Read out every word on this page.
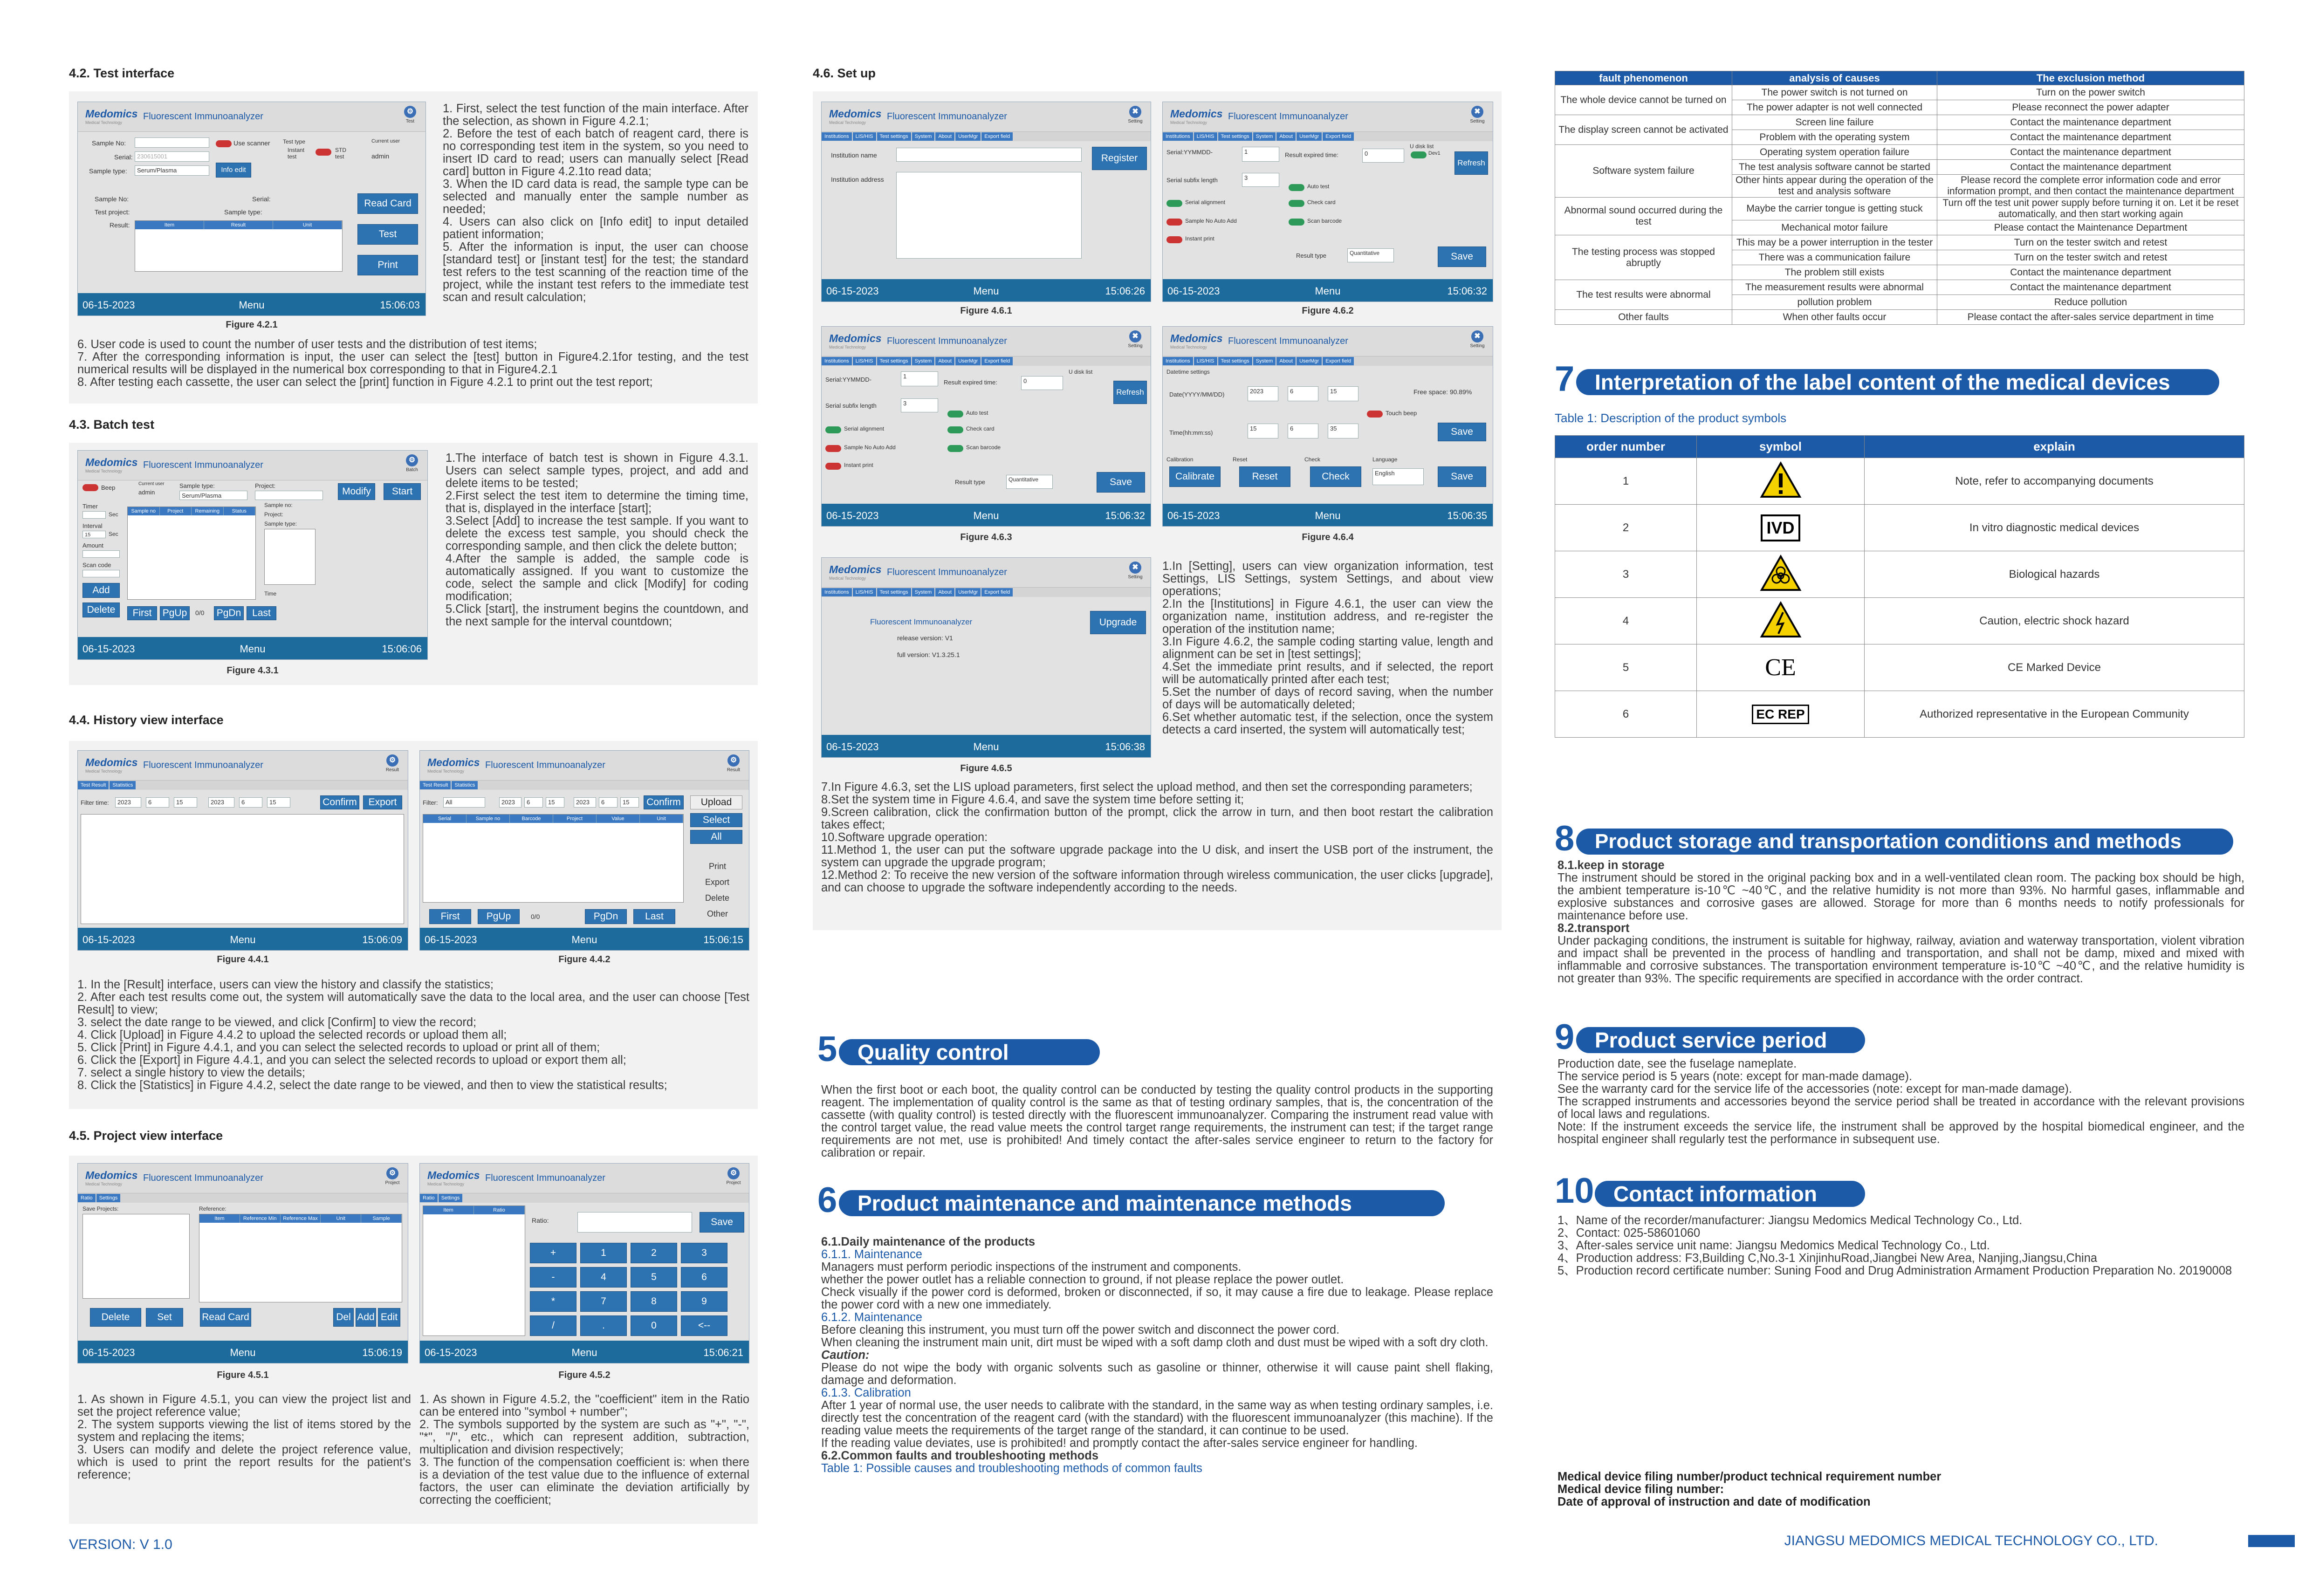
4.2. Test interface
Medomics
Medical Technology
Fluorescent Immunoanalyzer	⚙
Test
Sample No:	Use scanner Test type
Instant test
STD test
Current user
admin
Serial: 230615001
Sample type:	Serum/Plasma	Info edit
Sample No:	Serial:
Test project:	Sample type:
Result:	Item	Result	Unit
Read Card
Test
Print
06-15-2023	Menu	15:06:03
Figure 4.2.1

1. First, select the test function of the main interface. After the selection, as shown in Figure 4.2.1;

2. Before the test of each batch of reagent card, there is no corresponding test item in the system, so you need to insert ID card to read; users can manually select [Read card] button in Figure 4.2.1to read data;

3. When the ID card data is read, the sample type can be selected and manually enter the sample number as needed;

4. Users can also click on [Info edit] to input detailed patient information;

5. After the information is input, the user can choose [standard test] or [instant test] for the test; the standard test refers to the test scanning of the reaction time of the project, while the instant test refers to the immediate test scan and result calculation;

6. User code is used to count the number of user tests and the distribution of test items;

7. After the corresponding information is input, the user can select the [test] button in Figure4.2.1for testing, and the test numerical results will be displayed in the numerical box corresponding to that in Figure4.2.1

8. After testing each cassette, the user can select the [print] function in Figure 4.2.1 to print out the test report;

4.3. Batch test
Medomics
Medical Technology
Fluorescent Immunoanalyzer	⚙
Batch
Beep
Current user
admin
Sample type:
Serum/Plasma
Project:
Modify	Start
Timer
Sec
Interval
15	Sec
Amount
Scan code
Add
Delete
Sample no	Project	Remaining time
Status
Sample no:
Project:
Sample type:
Time
First	PgUp	0/0 PgDn	Last
06-15-2023	Menu	15:06:06
Figure 4.3.1

1.The interface of batch test is shown in Figure 4.3.1. Users can select sample types, project, and add and delete items to be tested;

2.First select the test item to determine the timing time, that is, displayed in the interface [start];

3.Select [Add] to increase the test sample. If you want to delete the excess test sample, you should check the corresponding sample, and then click the delete button;

4.After the sample is added, the sample code is automatically assigned. If you want to customize the code, select the sample and click [Modify] for coding modification;

5.Click [start], the instrument begins the countdown, and the next sample for the interval countdown;

4.4. History view interface
Medomics
Medical Technology
Fluorescent Immunoanalyzer	⚙
Result
Test Result Statistics
Filter time:	2023	6	15	2023	6	15	Confirm	Export
06-15-2023	Menu	15:06:09
Figure 4.4.1
Medomics
Medical Technology
Fluorescent Immunoanalyzer	⚙
Result
Test Result Statistics
Filter:	All	2023	6	15	2023	6	15	Confirm
Serial	Sample no	Barcode	Project	Value	Unit
Upload
Select
All
Print
Export
Delete
Other
First	PgUp	0/0	PgDn	Last
06-15-2023	Menu	15:06:15
Figure 4.4.2

1. In the [Result] interface, users can view the history and classify the statistics;

2. After each test results come out, the system will automatically save the data to the local area, and the user can choose [Test Result] to view;

3. select the date range to be viewed, and click [Confirm] to view the record;

4. Click [Upload] in Figure 4.4.2 to upload the selected records or upload them all;

5. Click [Print] in Figure 4.4.1, and you can select the selected records to upload or print all of them;

6. Click the [Export] in Figure 4.4.1, and you can select the selected records to upload or export them all;

7. select a single history to view the details;

8. Click the [Statistics] in Figure 4.4.2, select the date range to be viewed, and then to view the statistical results;

4.5. Project view interface
Medomics
Medical Technology
Fluorescent Immunoanalyzer	⚙
Project
Ratio Settings
Save Projects:	Reference:
Item	Reference Min	Reference Max	Unit	Sample
Delete	Set	Read Card	Del Add Edit
06-15-2023	Menu	15:06:19
Figure 4.5.1
Medomics
Medical Technology
Fluorescent Immunoanalyzer	⚙
Project
Ratio Settings
Item	Ratio
Ratio:	Save
+	1	2	3
-	4	5	6
*	7	8	9
/	.	0	<--
06-15-2023	Menu	15:06:21
Figure 4.5.2

1. As shown in Figure 4.5.1, you can view the project list and set the project reference value;

2. The system supports viewing the list of items stored by the system and replacing the items;

3. Users can modify and delete the project reference value, which is used to print the report results for the patient's reference;

1. As shown in Figure 4.5.2, the "coefficient" item in the Ratio can be entered into "symbol + number";

2. The symbols supported by the system are such as "+", "-", "*", "/", etc., which can represent addition, subtraction, multiplication and division respectively;

3. The function of the compensation coefficient is: when there is a deviation of the test value due to the influence of external factors, the user can eliminate the deviation artificially by correcting the coefficient;

VERSION: V 1.0
4.6. Set up
Medomics
Medical Technology
Fluorescent Immunoanalyzer	✖
Setting
Institutions LIS/HIS Test settings System About UserMgr Export field
Institution name	Register
Institution address
06-15-2023	Menu	15:06:26
Figure 4.6.1
Medomics
Medical Technology
Fluorescent Immunoanalyzer	✖
Setting
Institutions LIS/HIS Test settings System About UserMgr Export field
Serial:YYMMDD-	1	Result expired time:	0
U disk list
Dev1
Refresh
Serial subfix length	3
Serial alignment
Auto test
Check card
Sample No Auto Add	Scan barcode
Instant print
Result type	Quantitative	Save
06-15-2023	Menu	15:06:32
Figure 4.6.2
Medomics
Medical Technology
Fluorescent Immunoanalyzer	✖
Setting
Institutions LIS/HIS Test settings System About UserMgr Export field
Serial:YYMMDD-	1
Result expired time:	0
U disk list
Refresh
Serial subfix length	3
Serial alignment
Auto test
Check card
Sample No Auto Add	Scan barcode
Instant print
Result type	Quantitative	Save
06-15-2023	Menu	15:06:32
Figure 4.6.3
Medomics
Medical Technology
Fluorescent Immunoanalyzer	✖
Setting
Institutions LIS/HIS Test settings System About UserMgr Export field
Datetime settings
Date(YYYY/MM/DD)	2023	6	15	Free space: 90.89%
Touch beep
Time(hh:mm:ss)
15	6	35	Save
Calibration	Reset	Check	Language
Calibrate	Reset	Check	English	Save
06-15-2023	Menu	15:06:35
Figure 4.6.4
Medomics
Medical Technology
Fluorescent Immunoanalyzer	✖
Setting
Institutions LIS/HIS Test settings System About UserMgr Export field
Fluorescent Immunoanalyzer
release version: V1
full version: V1.3.25.1
Upgrade
06-15-2023	Menu	15:06:38
Figure 4.6.5

1.In [Setting], users can view organization information, test Settings, LIS Settings, system Settings, and about view operations;

2.In the [Institutions] in Figure 4.6.1, the user can view the organization name, institution address, and re-register the operation of the institution name;

3.In Figure 4.6.2, the sample coding starting value, length and alignment can be set in [test settings];

4.Set the immediate print results, and if selected, the report will be automatically printed after each test;

5.Set the number of days of record saving, when the number of days will be automatically deleted;

6.Set whether automatic test, if the selection, once the system detects a card inserted, the system will automatically test;

7.In Figure 4.6.3, set the LIS upload parameters, first select the upload method, and then set the corresponding parameters;

8.Set the system time in Figure 4.6.4, and save the system time before setting it;

9.Screen calibration, click the confirmation button of the prompt, click the arrow in turn, and then boot restart the calibration takes effect;

10.Software upgrade operation:

11.Method 1, the user can put the software upgrade package into the U disk, and insert the USB port of the instrument, the system can upgrade the upgrade program;

12.Method 2: To receive the new version of the software information through wireless communication, the user clicks [upgrade], and can choose to upgrade the software independently according to the needs.

5 Quality control
When the first boot or each boot, the quality control can be conducted by testing the quality control products in the supporting reagent. The implementation of quality control is the same as that of testing ordinary samples, that is, the concentration of the cassette (with quality control) is tested directly with the fluorescent immunoanalyzer. Comparing the instrument read value with the control target value, the read value meets the control target range requirements, the instrument can test; if the target range requirements are not met, use is prohibited! And timely contact the after-sales service engineer to return to the factory for calibration or repair.
6 Product maintenance and maintenance methods

6.1.Daily maintenance of the products

6.1.1. Maintenance

Managers must perform periodic inspections of the instrument and components.

whether the power outlet has a reliable connection to ground, if not please replace the power outlet.

Check visually if the power cord is deformed, broken or disconnected, if so, it may cause a fire due to leakage. Please replace the power cord with a new one immediately.

6.1.2. Maintenance

Before cleaning this instrument, you must turn off the power switch and disconnect the power cord.

When cleaning the instrument main unit, dirt must be wiped with a soft damp cloth and dust must be wiped with a soft dry cloth.

Caution:

Please do not wipe the body with organic solvents such as gasoline or thinner, otherwise it will cause paint shell flaking, damage and deformation.

6.1.3. Calibration

After 1 year of normal use, the user needs to calibrate with the standard, in the same way as when testing ordinary samples, i.e. directly test the concentration of the reagent card (with the standard) with the fluorescent immunoanalyzer (this machine). If the reading value meets the requirements of the target range of the standard, it can continue to be used.

If the reading value deviates, use is prohibited! and promptly contact the after-sales service engineer for handling.

6.2.Common faults and troubleshooting methods

Table 1: Possible causes and troubleshooting methods of common faults

fault phenomenon	analysis of causes	The exclusion method
The whole device cannot be turned on	The power switch is not turned on	Turn on the power switch
	The power adapter is not well connected	Please reconnect the power adapter
The display screen cannot be activated	Screen line failure	Contact the maintenance department
	Problem with the operating system	Contact the maintenance department
Software system failure	Operating system operation failure	Contact the maintenance department
	The test analysis software cannot be started	Contact the maintenance department
	Other hints appear during the operation of the test and analysis software	Please record the complete error information code and error information prompt, and then contact the maintenance department
Abnormal sound occurred during the test	Maybe the carrier tongue is getting stuck	Turn off the test unit power supply before turning it on. Let it be reset automatically, and then start working again
	Mechanical motor failure	Please contact the Maintenance Department
The testing process was stopped abruptly	This may be a power interruption in the tester	Turn on the tester switch and retest
	There was a communication failure	Turn on the tester switch and retest
	The problem still exists	Contact the maintenance department
The test results were abnormal	The measurement results were abnormal	Contact the maintenance department
	pollution problem	Reduce pollution
Other faults	When other faults occur	Please contact the after-sales service department in time
7 Interpretation of the label content of the medical devices
Table 1: Description of the product symbols
order number	symbol	explain
1		Note, refer to accompanying documents
2	IVD	In vitro diagnostic medical devices
3		Biological hazards
4		Caution, electric shock hazard
5	CE	CE Marked Device
6	EC REP	Authorized representative in the European Community
8 Product storage and transportation conditions and methods

8.1.keep in storage

The instrument should be stored in the original packing box and in a well-ventilated clean room. The packing box should be high, the ambient temperature is-10℃ ~40℃, and the relative humidity is not more than 93%. No harmful gases, inflammable and explosive substances and corrosive gases are allowed. Storage for more than 6 months needs to notify professionals for maintenance before use.

8.2.transport

Under packaging conditions, the instrument is suitable for highway, railway, aviation and waterway transportation, violent vibration and impact shall be prevented in the process of handling and transportation, and shall not be damp, mixed and mixed with inflammable and corrosive substances. The transportation environment temperature is-10℃ ~40℃, and the relative humidity is not greater than 93%. The specific requirements are specified in accordance with the order contract.

9 Product service period

Production date, see the fuselage nameplate.

The service period is 5 years (note: except for man-made damage).

See the warranty card for the service life of the accessories (note: except for man-made damage).

The scrapped instruments and accessories beyond the service period shall be treated in accordance with the relevant provisions of local laws and regulations.

Note: If the instrument exceeds the service life, the instrument shall be approved by the hospital biomedical engineer, and the hospital engineer shall regularly test the performance in subsequent use.

10 Contact information

1、Name of the recorder/manufacturer: Jiangsu Medomics Medical Technology Co., Ltd.

2、Contact: 025-58601060

3、After-sales service unit name: Jiangsu Medomics Medical Technology Co., Ltd.

4、Production address: F3,Building C,No.3-1 XinjinhuRoad,Jiangbei New Area, Nanjing,Jiangsu,China

5、Production record certificate number: Suning Food and Drug Administration Armament Production Preparation No. 20190008

Medical device filing number/product technical requirement number

Medical device filing number:

Date of approval of instruction and date of modification

JIANGSU MEDOMICS MEDICAL TECHNOLOGY CO., LTD.
